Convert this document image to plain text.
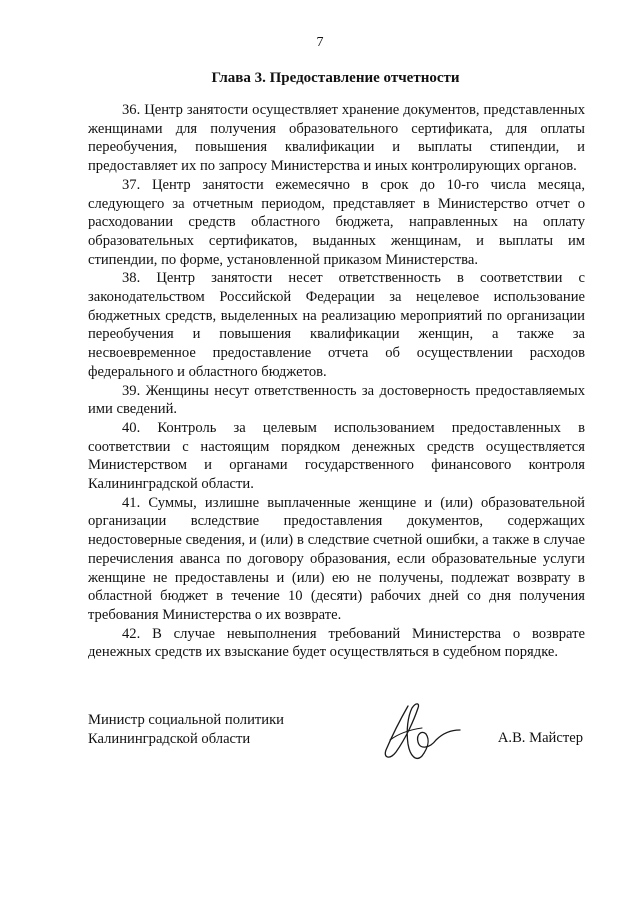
7
Глава 3. Предоставление отчетности

36. Центр занятости осуществляет хранение документов, представленных женщинами для получения образовательного сертификата, для оплаты переобучения, повышения квалификации и выплаты стипендии, и предоставляет их по запросу Министерства и иных контролирующих органов.

37. Центр занятости ежемесячно в срок до 10-го числа месяца, следующего за отчетным периодом, представляет в Министерство отчет о расходовании средств областного бюджета, направленных на оплату образовательных сертификатов, выданных женщинам, и выплаты им стипендии, по форме, установленной приказом Министерства.

38. Центр занятости несет ответственность в соответствии с законодательством Российской Федерации за нецелевое использование бюджетных средств, выделенных на реализацию мероприятий по организации переобучения и повышения квалификации женщин, а также за несвоевременное предоставление отчета об осуществлении расходов федерального и областного бюджетов.

39. Женщины несут ответственность за достоверность предоставляемых ими сведений.

40. Контроль за целевым использованием предоставленных в соответствии с настоящим порядком денежных средств осуществляется Министерством и органами государственного финансового контроля Калининградской области.

41. Суммы, излишне выплаченные женщине и (или) образовательной организации вследствие предоставления документов, содержащих недостоверные сведения, и (или) в следствие счетной ошибки, а также в случае перечисления аванса по договору образования, если образовательные услуги женщине не предоставлены и (или) ею не получены, подлежат возврату в областной бюджет в течение 10 (десяти) рабочих дней со дня получения требования Министерства о их возврате.

42. В случае невыполнения требований Министерства о возврате денежных средств их взыскание будет осуществляться в судебном порядке.

Министр социальной политики
Калининградской области	А.В. Майстер
